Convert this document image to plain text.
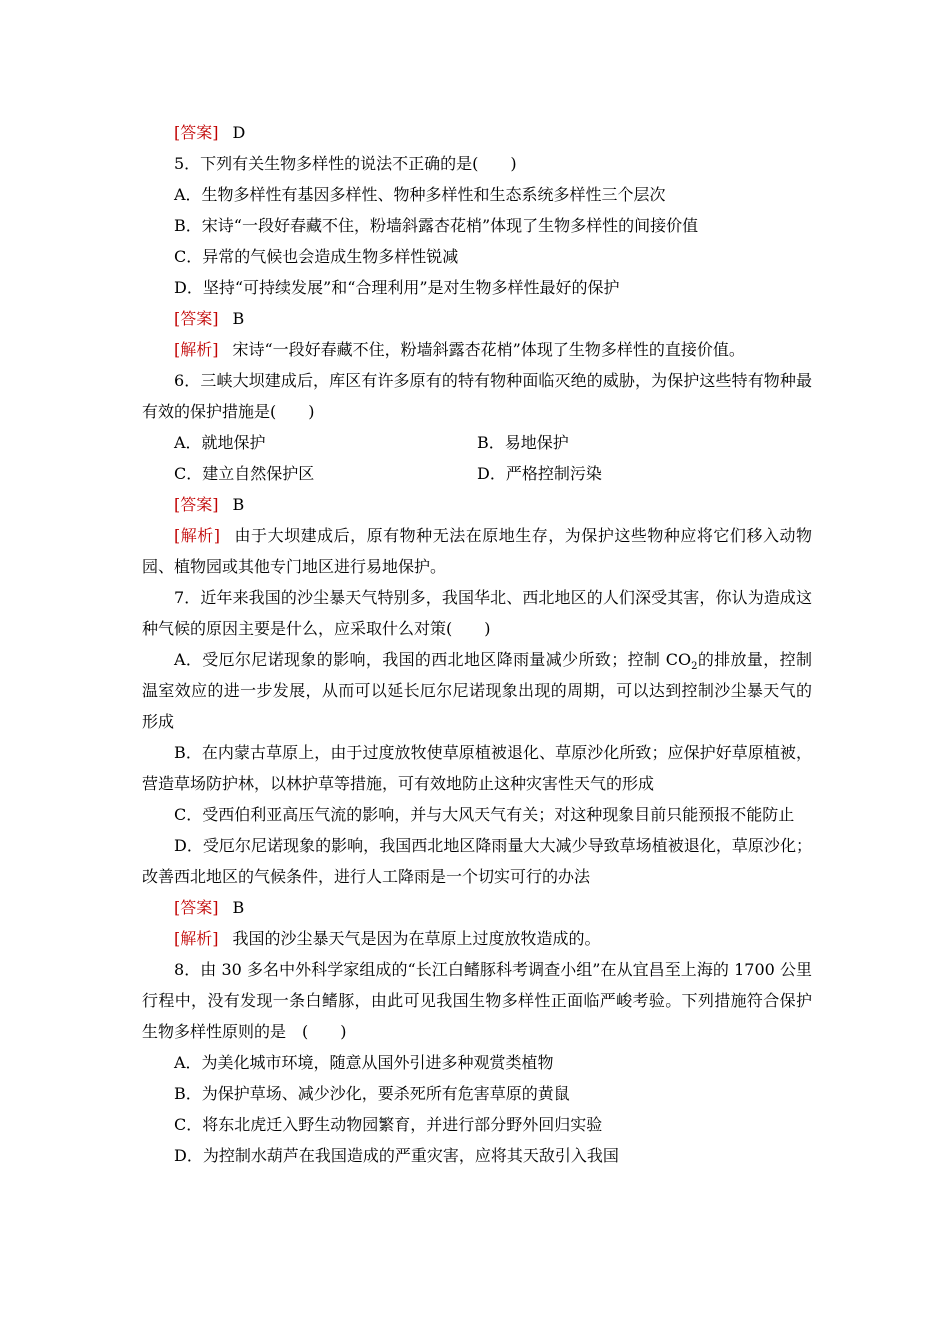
[答案] D
5．下列有关生物多样性的说法不正确的是(　　)
A．生物多样性有基因多样性、物种多样性和生态系统多样性三个层次
B．宋诗“一段好春藏不住，粉墙斜露杏花梢”体现了生物多样性的间接价值
C．异常的气候也会造成生物多样性锐减
D．坚持“可持续发展”和“合理利用”是对生物多样性最好的保护
[答案] B
[解析] 宋诗“一段好春藏不住，粉墙斜露杏花梢”体现了生物多样性的直接价值。
6．三峡大坝建成后，库区有许多原有的特有物种面临灭绝的威胁，为保护这些特有物种最有效的保护措施是(　　)
A．就地保护	B．易地保护
C．建立自然保护区	D．严格控制污染
[答案] B
[解析] 由于大坝建成后，原有物种无法在原地生存，为保护这些物种应将它们移入动物园、植物园或其他专门地区进行易地保护。
7．近年来我国的沙尘暴天气特别多，我国华北、西北地区的人们深受其害，你认为造成这种气候的原因主要是什么，应采取什么对策(　　)
A．受厄尔尼诺现象的影响，我国的西北地区降雨量减少所致；控制 $CO_2$的排放量，控制温室效应的进一步发展，从而可以延长厄尔尼诺现象出现的周期，可以达到控制沙尘暴天气的形成
B．在内蒙古草原上，由于过度放牧使草原植被退化、草原沙化所致；应保护好草原植被，营造草场防护林，以林护草等措施，可有效地防止这种灾害性天气的形成
C．受西伯利亚高压气流的影响，并与大风天气有关；对这种现象目前只能预报不能防止
D．受厄尔尼诺现象的影响，我国西北地区降雨量大大减少导致草场植被退化，草原沙化；改善西北地区的气候条件，进行人工降雨是一个切实可行的办法
[答案] B
[解析] 我国的沙尘暴天气是因为在草原上过度放牧造成的。
8．由 30 多名中外科学家组成的“长江白鳍豚科考调查小组”在从宜昌至上海的 1700 公里行程中，没有发现一条白鳍豚，由此可见我国生物多样性正面临严峻考验。下列措施符合保护生物多样性原则的是　(　　)
A．为美化城市环境，随意从国外引进多种观赏类植物
B．为保护草场、减少沙化，要杀死所有危害草原的黄鼠
C．将东北虎迁入野生动物园繁育，并进行部分野外回归实验
D．为控制水葫芦在我国造成的严重灾害，应将其天敌引入我国
